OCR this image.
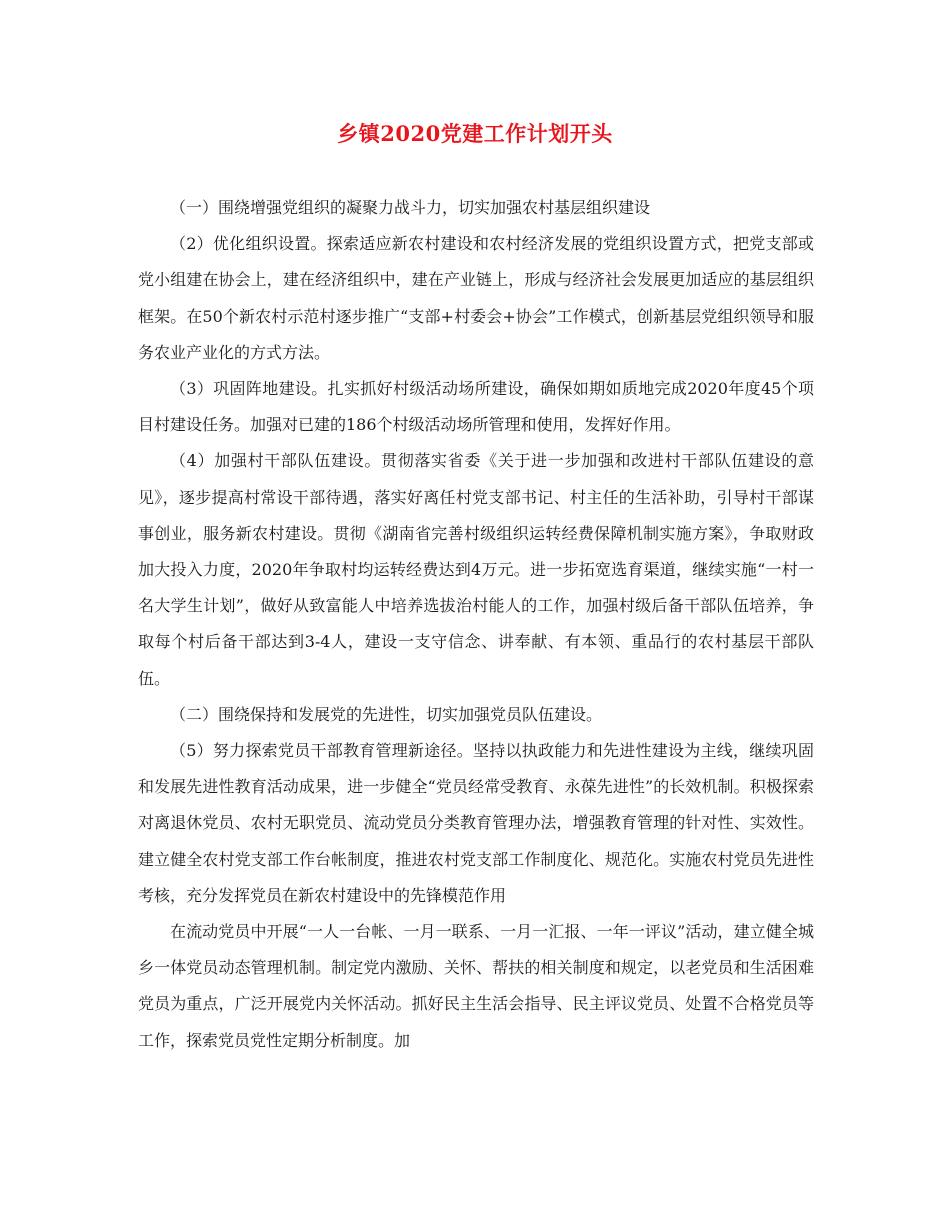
乡镇2020党建工作计划开头

（一）围绕增强党组织的凝聚力战斗力，切实加强农村基层组织建设

（2）优化组织设置。探索适应新农村建设和农村经济发展的党组织设置方式，把党支部或党小组建在协会上，建在经济组织中，建在产业链上，形成与经济社会发展更加适应的基层组织框架。在50个新农村示范村逐步推广“支部+村委会+协会”工作模式，创新基层党组织领导和服务农业产业化的方式方法。

（3）巩固阵地建设。扎实抓好村级活动场所建设，确保如期如质地完成2020年度45个项目村建设任务。加强对已建的186个村级活动场所管理和使用，发挥好作用。

（4）加强村干部队伍建设。贯彻落实省委《关于进一步加强和改进村干部队伍建设的意见》，逐步提高村常设干部待遇，落实好离任村党支部书记、村主任的生活补助，引导村干部谋事创业，服务新农村建设。贯彻《湖南省完善村级组织运转经费保障机制实施方案》，争取财政加大投入力度，2020年争取村均运转经费达到4万元。进一步拓宽选育渠道，继续实施“一村一名大学生计划”，做好从致富能人中培养选拔治村能人的工作，加强村级后备干部队伍培养，争取每个村后备干部达到3-4人，建设一支守信念、讲奉献、有本领、重品行的农村基层干部队伍。

（二）围绕保持和发展党的先进性，切实加强党员队伍建设。

（5）努力探索党员干部教育管理新途径。坚持以执政能力和先进性建设为主线，继续巩固和发展先进性教育活动成果，进一步健全“党员经常受教育、永葆先进性”的长效机制。积极探索对离退休党员、农村无职党员、流动党员分类教育管理办法，增强教育管理的针对性、实效性。建立健全农村党支部工作台帐制度，推进农村党支部工作制度化、规范化。实施农村党员先进性考核，充分发挥党员在新农村建设中的先锋模范作用

在流动党员中开展“一人一台帐、一月一联系、一月一汇报、一年一评议”活动，建立健全城乡一体党员动态管理机制。制定党内激励、关怀、帮扶的相关制度和规定，以老党员和生活困难党员为重点，广泛开展党内关怀活动。抓好民主生活会指导、民主评议党员、处置不合格党员等工作，探索党员党性定期分析制度。加
